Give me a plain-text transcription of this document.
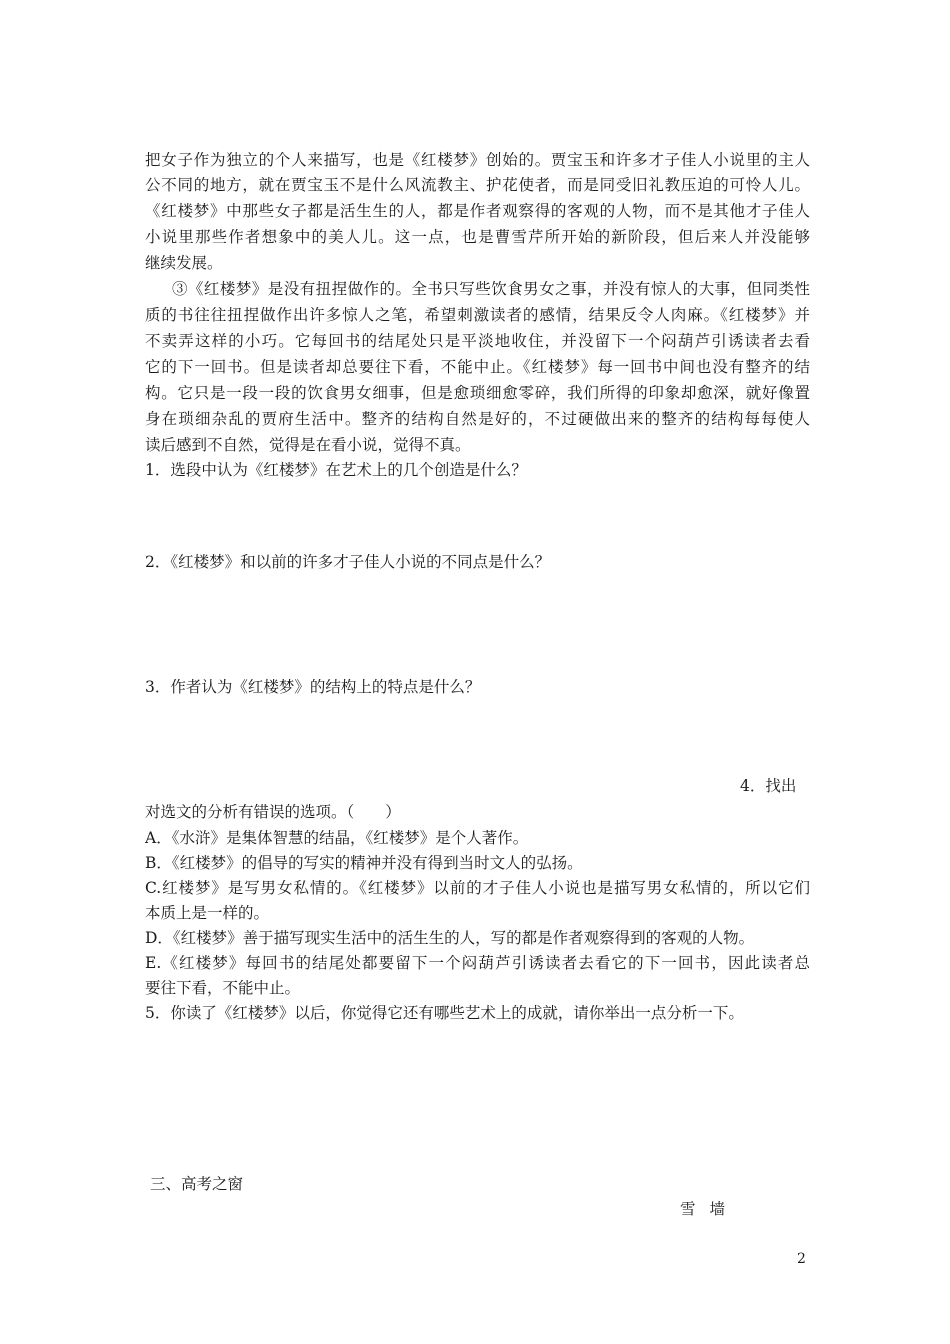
把女子作为独立的个人来描写，也是《红楼梦》创始的。贾宝玉和许多才子佳人小说里的主人
公不同的地方，就在贾宝玉不是什么风流教主、护花使者，而是同受旧礼教压迫的可怜人儿。
《红楼梦》中那些女子都是活生生的人，都是作者观察得的客观的人物，而不是其他才子佳人
小说里那些作者想象中的美人儿。这一点，也是曹雪芹所开始的新阶段，但后来人并没能够
继续发展。
③《红楼梦》是没有扭捏做作的。全书只写些饮食男女之事，并没有惊人的大事，但同类性
质的书往往扭捏做作出许多惊人之笔，希望刺激读者的感情，结果反令人肉麻。《红楼梦》并
不卖弄这样的小巧。它每回书的结尾处只是平淡地收住，并没留下一个闷葫芦引诱读者去看
它的下一回书。但是读者却总要往下看，不能中止。《红楼梦》每一回书中间也没有整齐的结
构。它只是一段一段的饮食男女细事，但是愈琐细愈零碎，我们所得的印象却愈深，就好像置
身在琐细杂乱的贾府生活中。整齐的结构自然是好的，不过硬做出来的整齐的结构每每使人
读后感到不自然，觉得是在看小说，觉得不真。
1．选段中认为《红楼梦》在艺术上的几个创造是什么？
2．《红楼梦》和以前的许多才子佳人小说的不同点是什么？
3．作者认为《红楼梦》的结构上的特点是什么？
4．找出
对选文的分析有错误的选项。（　　）
A．《水浒》是集体智慧的结晶，《红楼梦》是个人著作。
B．《红楼梦》的倡导的写实的精神并没有得到当时文人的弘扬。
C.红楼梦》是写男女私情的。《红楼梦》以前的才子佳人小说也是描写男女私情的，所以它们
本质上是一样的。
D．《红楼梦》善于描写现实生活中的活生生的人，写的都是作者观察得到的客观的人物。
E.《红楼梦》每回书的结尾处都要留下一个闷葫芦引诱读者去看它的下一回书，因此读者总
要往下看，不能中止。
5．你读了《红楼梦》以后，你觉得它还有哪些艺术上的成就，请你举出一点分析一下。
三、高考之窗
雪墙
2
